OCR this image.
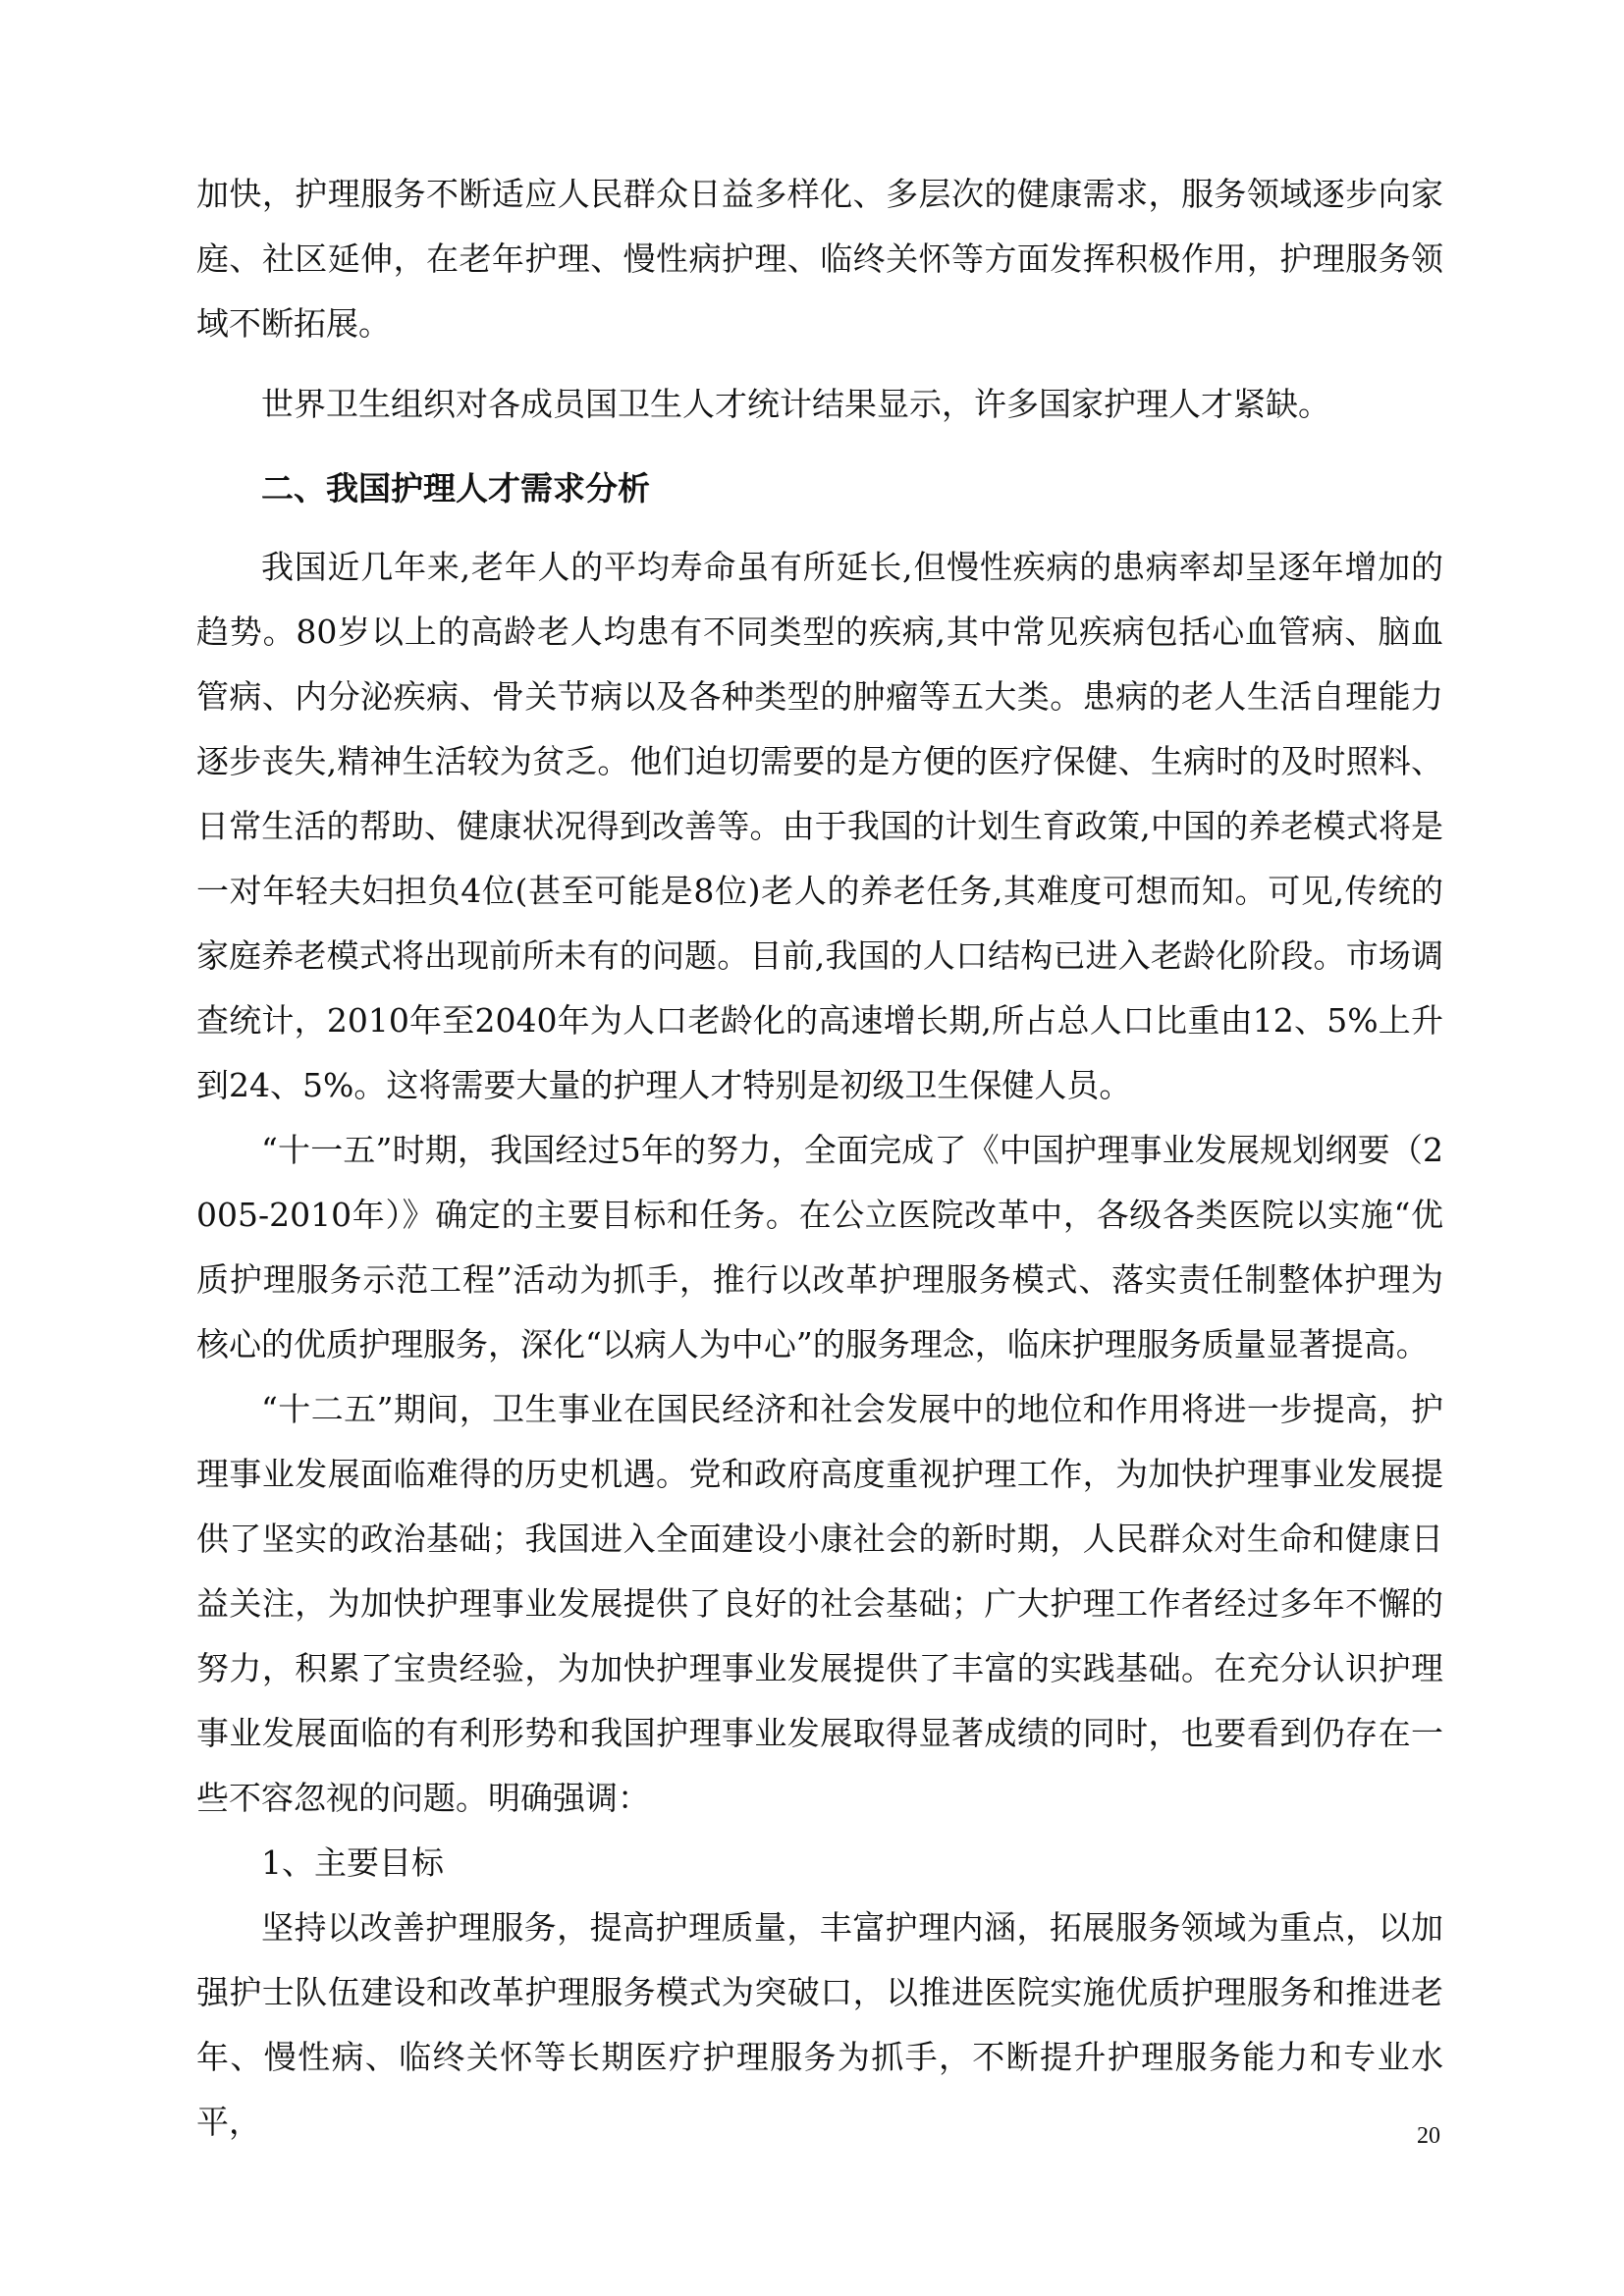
加快，护理服务不断适应人民群众日益多样化、多层次的健康需求，服务领域逐步向家庭、社区延伸，在老年护理、慢性病护理、临终关怀等方面发挥积极作用，护理服务领域不断拓展。

世界卫生组织对各成员国卫生人才统计结果显示，许多国家护理人才紧缺。

二、我国护理人才需求分析

我国近几年来,老年人的平均寿命虽有所延长,但慢性疾病的患病率却呈逐年增加的趋势。80岁以上的高龄老人均患有不同类型的疾病,其中常见疾病包括心血管病、脑血管病、内分泌疾病、骨关节病以及各种类型的肿瘤等五大类。患病的老人生活自理能力逐步丧失,精神生活较为贫乏。他们迫切需要的是方便的医疗保健、生病时的及时照料、日常生活的帮助、健康状况得到改善等。由于我国的计划生育政策,中国的养老模式将是一对年轻夫妇担负4位(甚至可能是8位)老人的养老任务,其难度可想而知。可见,传统的家庭养老模式将出现前所未有的问题。目前,我国的人口结构已进入老龄化阶段。市场调查统计，2010年至2040年为人口老龄化的高速增长期,所占总人口比重由12、5%上升到24、5%。这将需要大量的护理人才特别是初级卫生保健人员。

“十一五”时期，我国经过5年的努力，全面完成了《中国护理事业发展规划纲要（2005-2010年）》确定的主要目标和任务。在公立医院改革中，各级各类医院以实施“优质护理服务示范工程”活动为抓手，推行以改革护理服务模式、落实责任制整体护理为核心的优质护理服务，深化“以病人为中心”的服务理念，临床护理服务质量显著提高。

“十二五”期间，卫生事业在国民经济和社会发展中的地位和作用将进一步提高，护理事业发展面临难得的历史机遇。党和政府高度重视护理工作，为加快护理事业发展提供了坚实的政治基础；我国进入全面建设小康社会的新时期，人民群众对生命和健康日益关注，为加快护理事业发展提供了良好的社会基础；广大护理工作者经过多年不懈的努力，积累了宝贵经验，为加快护理事业发展提供了丰富的实践基础。在充分认识护理事业发展面临的有利形势和我国护理事业发展取得显著成绩的同时，也要看到仍存在一些不容忽视的问题。明确强调：

1、主要目标

坚持以改善护理服务，提高护理质量，丰富护理内涵，拓展服务领域为重点，以加强护士队伍建设和改革护理服务模式为突破口，以推进医院实施优质护理服务和推进老年、慢性病、临终关怀等长期医疗护理服务为抓手，不断提升护理服务能力和专业水平，	20
